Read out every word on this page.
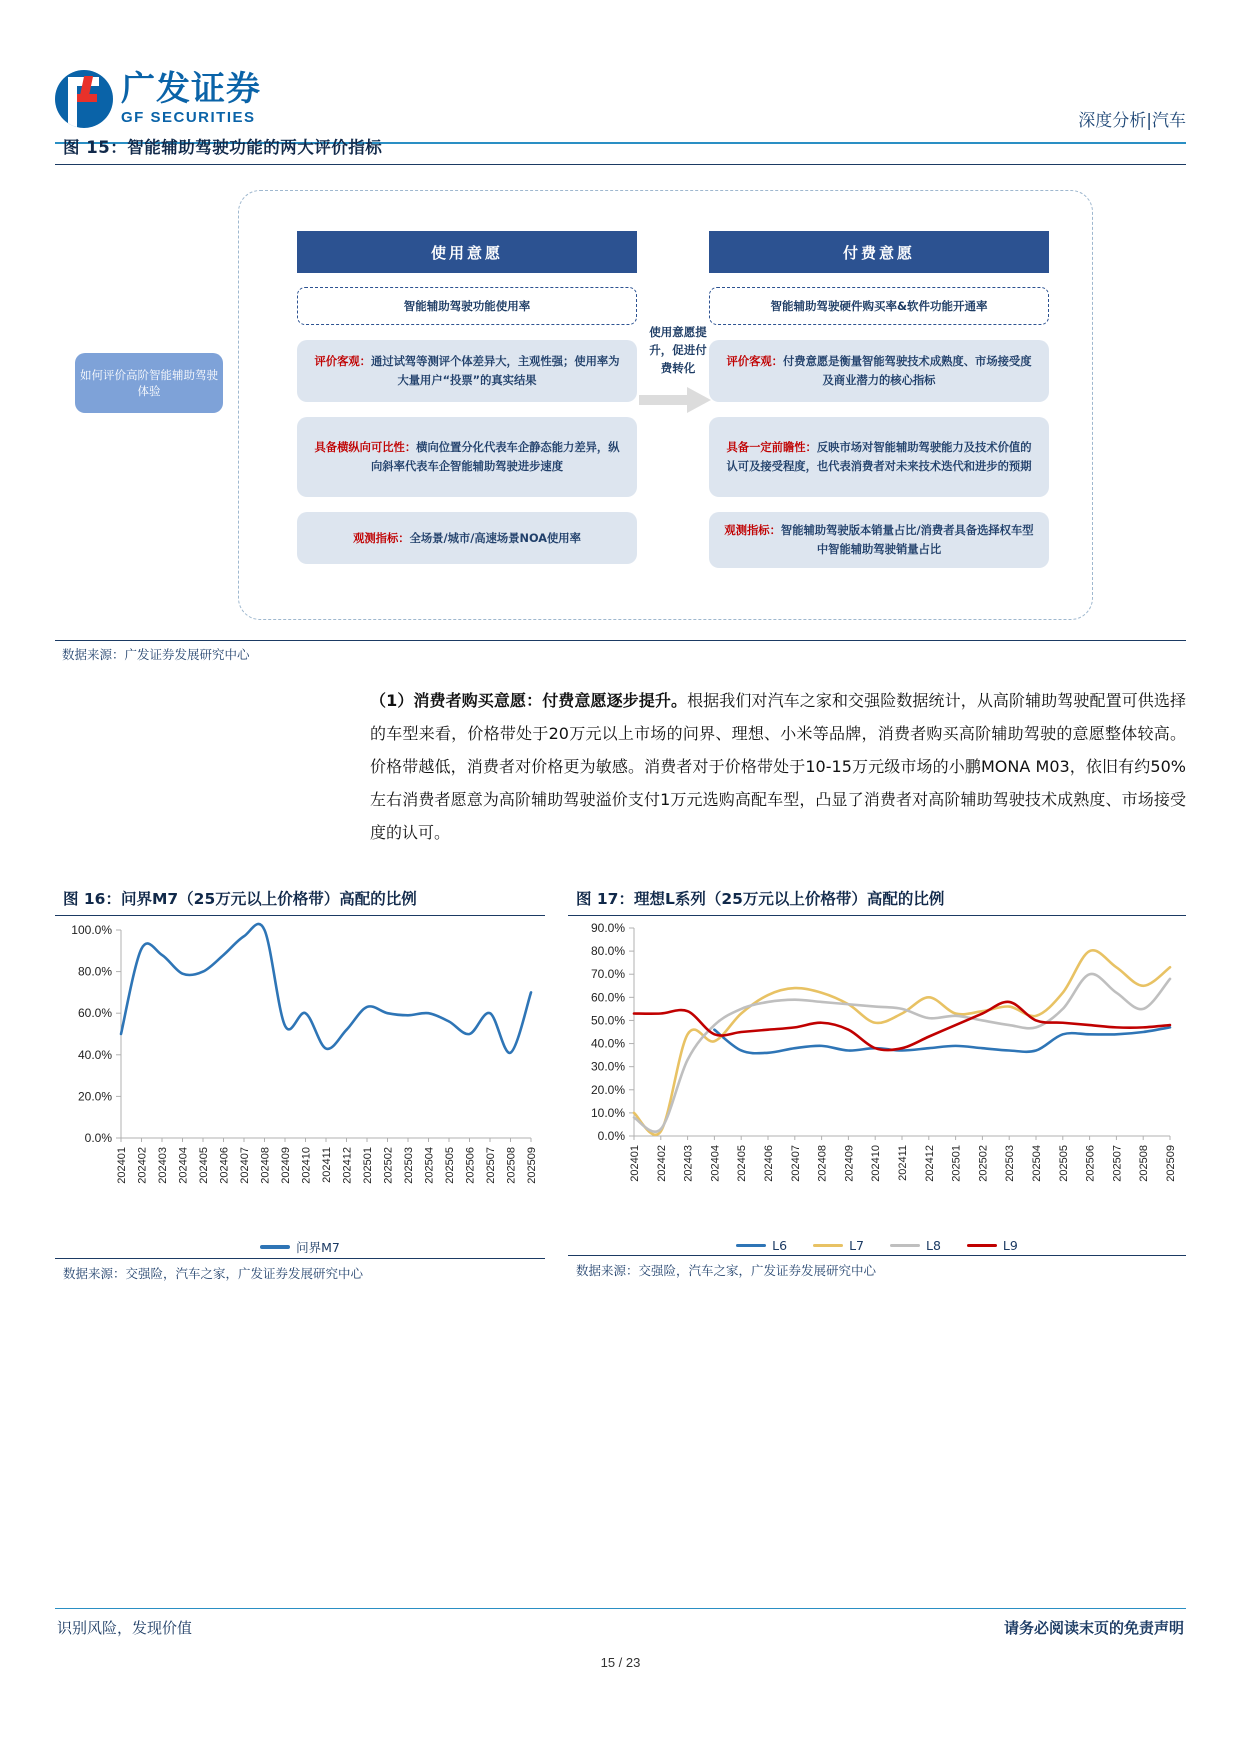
广发证券
GF SECURITIES	深度分析|汽车
图 15：智能辅助驾驶功能的两大评价指标
如何评价高阶智能辅助驾驶体验
使用意愿
智能辅助驾驶功能使用率
评价客观：通过试驾等测评个体差异大，主观性强；使用率为大量用户“投票”的真实结果
具备横纵向可比性：横向位置分化代表车企静态能力差异，纵向斜率代表车企智能辅助驾驶进步速度
观测指标：全场景/城市/高速场景NOA使用率
使用意愿提升，促进付费转化
付费意愿
智能辅助驾驶硬件购买率&软件功能开通率
评价客观：付费意愿是衡量智能驾驶技术成熟度、市场接受度及商业潜力的核心指标
具备一定前瞻性：反映市场对智能辅助驾驶能力及技术价值的认可及接受程度，也代表消费者对未来技术迭代和进步的预期
观测指标：智能辅助驾驶版本销量占比/消费者具备选择权车型中智能辅助驾驶销量占比
数据来源：广发证券发展研究中心
（1）消费者购买意愿：付费意愿逐步提升。根据我们对汽车之家和交强险数据统计，从高阶辅助驾驶配置可供选择的车型来看，价格带处于20万元以上市场的问界、理想、小米等品牌，消费者购买高阶辅助驾驶的意愿整体较高。价格带越低，消费者对价格更为敏感。消费者对于价格带处于10-15万元级市场的小鹏MONA M03，依旧有约50%左右消费者愿意为高阶辅助驾驶溢价支付1万元选购高配车型，凸显了消费者对高阶辅助驾驶技术成熟度、市场接受度的认可。
图 16：问界M7（25万元以上价格带）高配的比例
0.0%
20.0%
40.0%
60.0%
80.0%
100.0%
202401 202402 202403 202404 202405 202406 202407 202408 202409 202410 202411 202412 202501 202502 202503 202504 202505 202506 202507 202508 202509
问界M7
数据来源：交强险，汽车之家，广发证券发展研究中心
图 17：理想L系列（25万元以上价格带）高配的比例
0.0%
10.0%
20.0%
30.0%
40.0%
50.0%
60.0%
70.0%
80.0%
90.0%
202401 202402 202403 202404 202405 202406 202407 202408 202409 202410 202411 202412 202501 202502 202503 202504 202505 202506 202507 202508 202509
L6	L7	L8	L9
数据来源：交强险，汽车之家，广发证券发展研究中心
识别风险，发现价值	请务必阅读末页的免责声明
15 / 23
